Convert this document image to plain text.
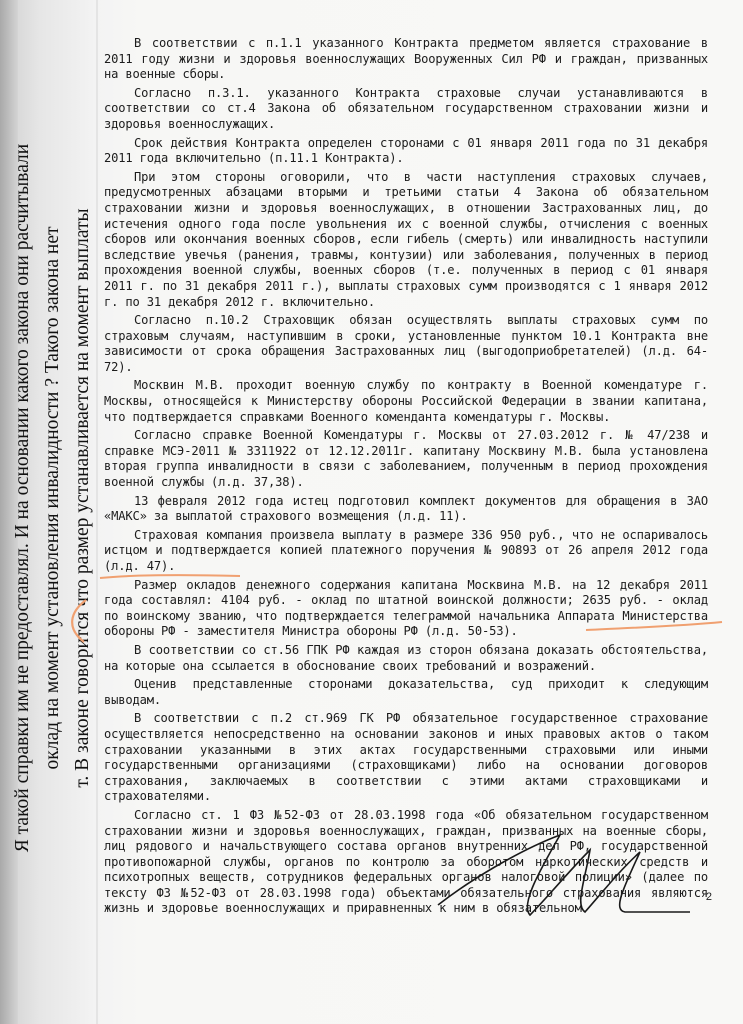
Я такой справки им не предоставлял. И на основании какого закона они расчитывали оклад на момент установления инвалидности ? Такого закона нет т. В законе говорится что размер устанавливается на момент выплаты

В соответствии с п.1.1 указанного Контракта предметом является страхование в 2011 году жизни и здоровья военнослужащих Вооруженных Сил РФ и граждан, призванных на военные сборы.

Согласно п.3.1. указанного Контракта страховые случаи устанавливаются в соответствии со ст.4 Закона об обязательном государственном страховании жизни и здоровья военнослужащих.

Срок действия Контракта определен сторонами с 01 января 2011 года по 31 декабря 2011 года включительно (п.11.1 Контракта).

При этом стороны оговорили, что в части наступления страховых случаев, предусмотренных абзацами вторыми и третьими статьи 4 Закона об обязательном страховании жизни и здоровья военнослужащих, в отношении Застрахованных лиц, до истечения одного года после увольнения их с военной службы, отчисления с военных сборов или окончания военных сборов, если гибель (смерть) или инвалидность наступили вследствие увечья (ранения, травмы, контузии) или заболевания, полученных в период прохождения военной службы, военных сборов (т.е. полученных в период с 01 января 2011 г. по 31 декабря 2011 г.), выплаты страховых сумм производятся с 1 января 2012 г. по 31 декабря 2012 г. включительно.

Согласно п.10.2 Страховщик обязан осуществлять выплаты страховых сумм по страховым случаям, наступившим в сроки, установленные пунктом 10.1 Контракта вне зависимости от срока обращения Застрахованных лиц (выгодоприобретателей) (л.д. 64-72).

Москвин М.В. проходит военную службу по контракту в Военной комендатуре г. Москвы, относящейся к Министерству обороны Российской Федерации в звании капитана, что подтверждается справками Военного коменданта комендатуры г. Москвы.

Согласно справке Военной Комендатуры г. Москвы от 27.03.2012 г. № 47/238 и справке МСЭ-2011 № 3311922 от 12.12.2011г. капитану Москвину М.В. была установлена вторая группа инвалидности в связи с заболеванием, полученным в период прохождения военной службы (л.д. 37,38).

13 февраля 2012 года истец подготовил комплект документов для обращения в ЗАО «МАКС» за выплатой страхового возмещения (л.д. 11).

Страховая компания произвела выплату в размере 336 950 руб., что не оспаривалось истцом и подтверждается копией платежного поручения № 90893 от 26 апреля 2012 года (л.д. 47).

Размер окладов денежного содержания капитана Москвина М.В. на 12 декабря 2011 года составлял: 4104 руб. - оклад по штатной воинской должности; 2635 руб. - оклад по воинскому званию, что подтверждается телеграммой начальника Аппарата Министерства обороны РФ - заместителя Министра обороны РФ (л.д. 50-53).

В соответствии со ст.56 ГПК РФ каждая из сторон обязана доказать обстоятельства, на которые она ссылается в обоснование своих требований и возражений.

Оценив представленные сторонами доказательства, суд приходит к следующим выводам.

В соответствии с п.2 ст.969 ГК РФ обязательное государственное страхование осуществляется непосредственно на основании законов и иных правовых актов о таком страховании указанными в этих актах государственными страховыми или иными государственными организациями (страховщиками) либо на основании договоров страхования, заключаемых в соответствии с этими актами страховщиками и страхователями.

Согласно ст. 1 ФЗ №52-ФЗ от 28.03.1998 года «Об обязательном государственном страховании жизни и здоровья военнослужащих, граждан, призванных на военные сборы, лиц рядового и начальствующего состава органов внутренних дел РФ, государственной противопожарной службы, органов по контролю за оборотом наркотических средств и психотропных веществ, сотрудников федеральных органов налоговой полиции» (далее по тексту ФЗ №52-ФЗ от 28.03.1998 года) объектами обязательного страхования являются жизнь и здоровье военнослужащих и приравненных к ним в обязательном

2
